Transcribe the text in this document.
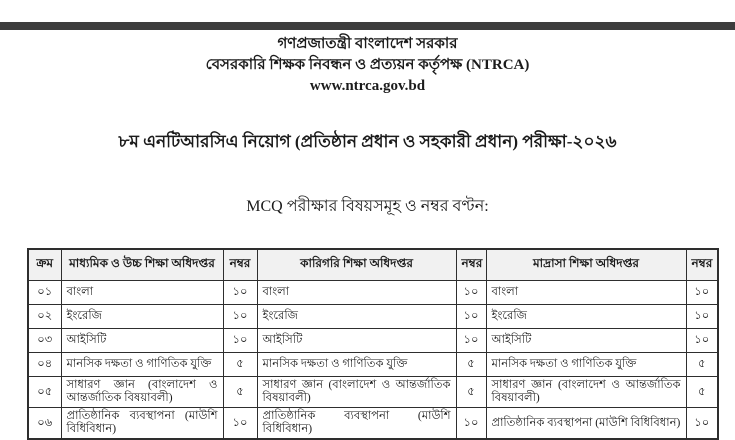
গণপ্রজাতন্ত্রী বাংলাদেশ সরকার
বেসরকারি শিক্ষক নিবন্ধন ও প্রত্যয়ন কর্তৃপক্ষ (NTRCA)
www.ntrca.gov.bd
৮ম এনটিআরসিএ নিয়োগ (প্রতিষ্ঠান প্রধান ও সহকারী প্রধান) পরীক্ষা-২০২৬
MCQ পরীক্ষার বিষয়সমূহ ও নম্বর বণ্টন:
ক্রম	মাধ্যমিক ও উচ্চ শিক্ষা অধিদপ্তর	নম্বর	কারিগরি শিক্ষা অধিদপ্তর	নম্বর	মাদ্রাসা শিক্ষা অধিদপ্তর	নম্বর
০১	বাংলা	১০	বাংলা	১০	বাংলা	১০
০২	ইংরেজি	১০	ইংরেজি	১০	ইংরেজি	১০
০৩	আইসিটি	১০	আইসিটি	১০	আইসিটি	১০
০৪	মানসিক দক্ষতা ও গাণিতিক যুক্তি	৫	মানসিক দক্ষতা ও গাণিতিক যুক্তি	৫	মানসিক দক্ষতা ও গাণিতিক যুক্তি	৫
০৫	সাধারণ জ্ঞান (বাংলাদেশ ও আন্তর্জাতিক বিষয়াবলী)	৫	সাধারণ জ্ঞান (বাংলাদেশ ও আন্তর্জাতিক বিষয়াবলী)	৫	সাধারণ জ্ঞান (বাংলাদেশ ও আন্তর্জাতিক বিষয়াবলী)	৫
০৬	প্রাতিষ্ঠানিক ব্যবস্থাপনা (মাউশি বিধিবিধান)	১০	প্রাতিষ্ঠানিক ব্যবস্থাপনা (মাউশি বিধিবিধান)	১০	প্রাতিষ্ঠানিক ব্যবস্থাপনা (মাউশি বিধিবিধান)	১০
